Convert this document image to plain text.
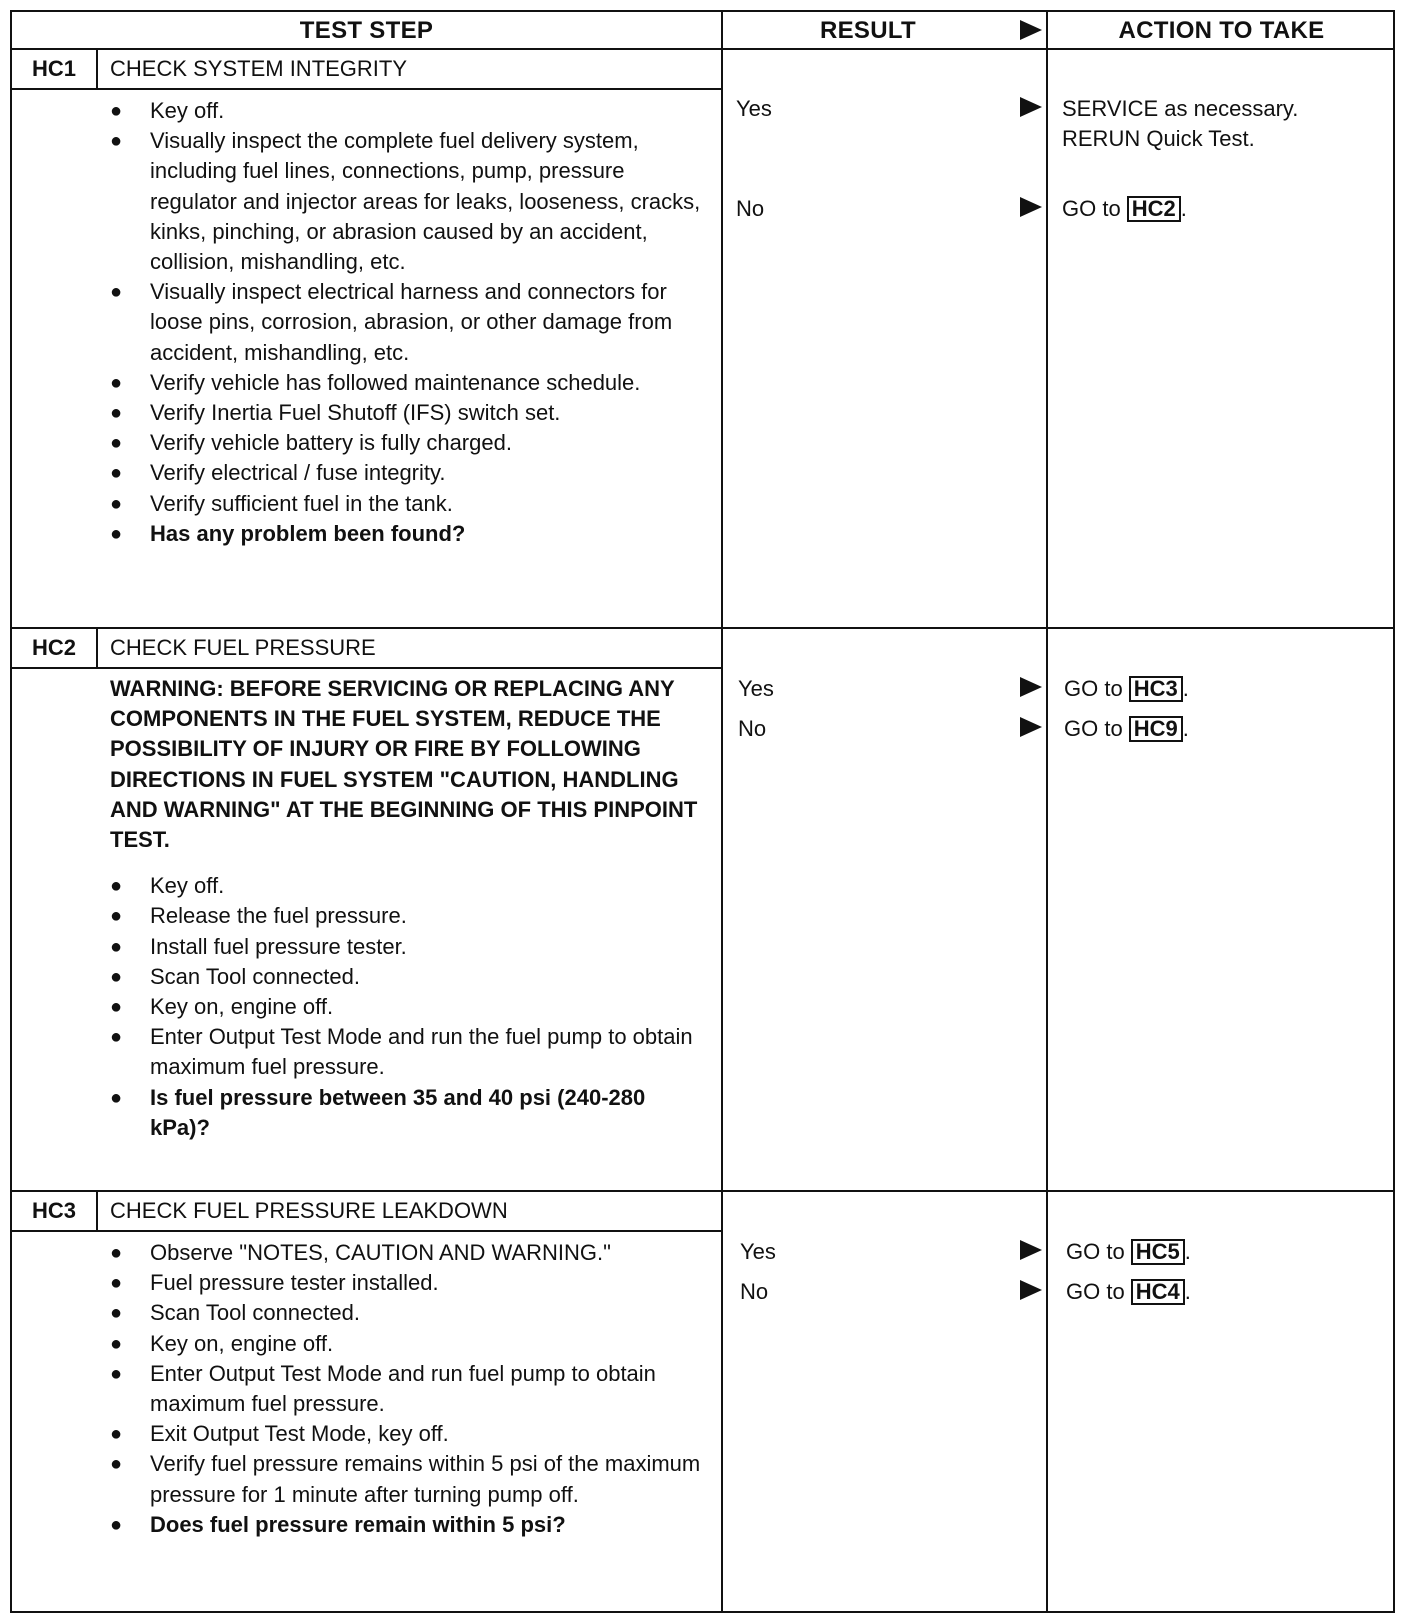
TEST STEP	RESULT	ACTION TO TAKE
HC1	CHECK SYSTEM INTEGRITY
● Key off.
● Visually inspect the complete fuel delivery system, including fuel lines, connections, pump, pressure regulator and injector areas for leaks, looseness, cracks, kinks, pinching, or abrasion caused by an accident, collision, mishandling, etc.
● Visually inspect electrical harness and connectors for loose pins, corrosion, abrasion, or other damage from accident, mishandling, etc.
● Verify vehicle has followed maintenance schedule.
● Verify Inertia Fuel Shutoff (IFS) switch set.
● Verify vehicle battery is fully charged.
● Verify electrical / fuse integrity.
● Verify sufficient fuel in the tank.
● Has any problem been found?
Yes	SERVICE as necessary. RERUN Quick Test.
No	GO to HC2 .
HC2	CHECK FUEL PRESSURE
WARNING: BEFORE SERVICING OR REPLACING ANY COMPONENTS IN THE FUEL SYSTEM, REDUCE THE POSSIBILITY OF INJURY OR FIRE BY FOLLOWING DIRECTIONS IN FUEL SYSTEM "CAUTION, HANDLING AND WARNING" AT THE BEGINNING OF THIS PINPOINT TEST.
● Key off.
● Release the fuel pressure.
● Install fuel pressure tester.
● Scan Tool connected.
● Key on, engine off.
● Enter Output Test Mode and run the fuel pump to obtain maximum fuel pressure.
● Is fuel pressure between 35 and 40 psi (240-280 kPa)?
Yes	GO to HC3 .
No	GO to HC9 .
HC3	CHECK FUEL PRESSURE LEAKDOWN
● Observe "NOTES, CAUTION AND WARNING."
● Fuel pressure tester installed.
● Scan Tool connected.
● Key on, engine off.
● Enter Output Test Mode and run fuel pump to obtain maximum fuel pressure.
● Exit Output Test Mode, key off.
● Verify fuel pressure remains within 5 psi of the maximum pressure for 1 minute after turning pump off.
● Does fuel pressure remain within 5 psi?
Yes	GO to HC5 .
No	GO to HC4 .
